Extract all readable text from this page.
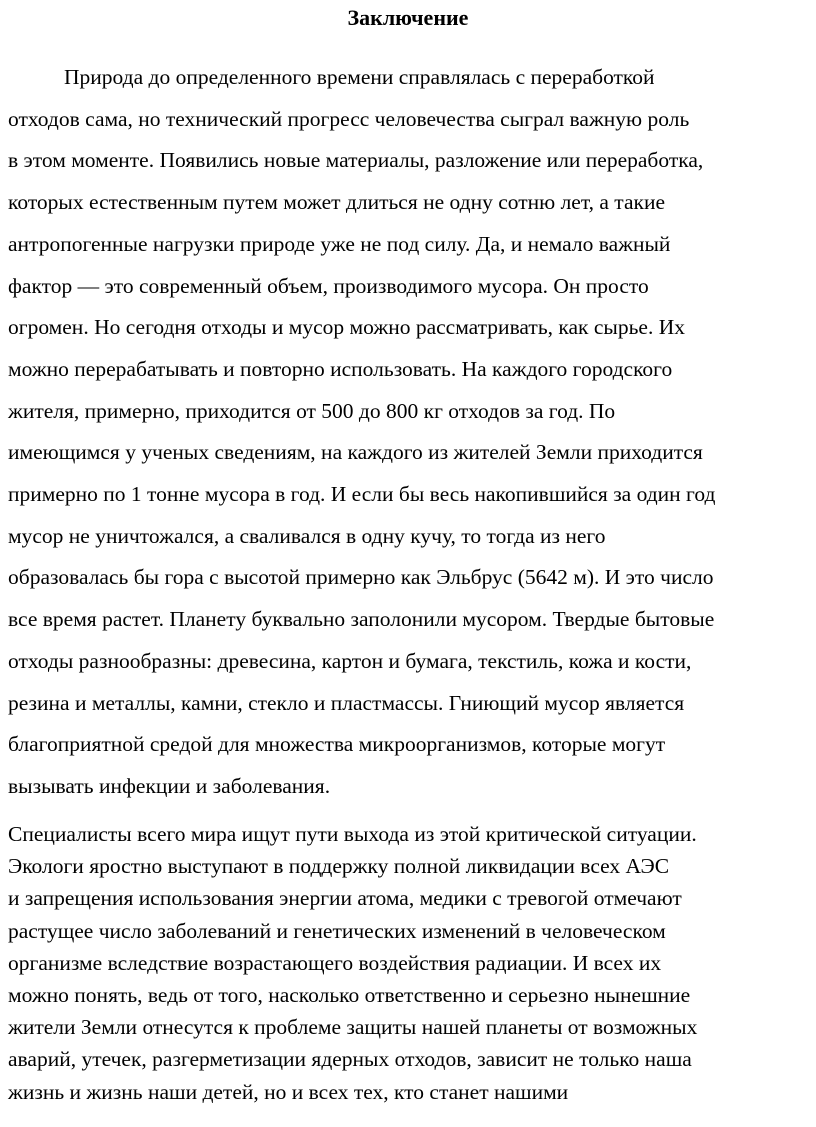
Заключение
Природа до определенного времени справлялась с переработкой
отходов сама, но технический прогресс человечества сыграл важную роль
в этом моменте. Появились новые материалы, разложение или переработка,
которых естественным путем может длиться не одну сотню лет, а такие
антропогенные нагрузки природе уже не под силу. Да, и немало важный
фактор — это современный объем, производимого мусора. Он просто
огромен. Но сегодня отходы и мусор можно рассматривать, как сырье. Их
можно перерабатывать и повторно использовать. На каждого городского
жителя, примерно, приходится от 500 до 800 кг отходов за год. По
имеющимся у ученых сведениям, на каждого из жителей Земли приходится
примерно по 1 тонне мусора в год. И если бы весь накопившийся за один год
мусор не уничтожался, а сваливался в одну кучу, то тогда из него
образовалась бы гора с высотой примерно как Эльбрус (5642 м). И это число
все время растет. Планету буквально заполонили мусором. Твердые бытовые
отходы разнообразны: древесина, картон и бумага, текстиль, кожа и кости,
резина и металлы, камни, стекло и пластмассы. Гниющий мусор является
благоприятной средой для множества микроорганизмов, которые могут
вызывать инфекции и заболевания.
Специалисты всего мира ищут пути выхода из этой критической ситуации.
Экологи яростно выступают в поддержку полной ликвидации всех АЭС
и запрещения использования энергии атома, медики с тревогой отмечают
растущее число заболеваний и генетических изменений в человеческом
организме вследствие возрастающего воздействия радиации. И всех их
можно понять, ведь от того, насколько ответственно и серьезно нынешние
жители Земли отнесутся к проблеме защиты нашей планеты от возможных
аварий, утечек, разгерметизации ядерных отходов, зависит не только наша
жизнь и жизнь наши детей, но и всех тех, кто станет нашими
